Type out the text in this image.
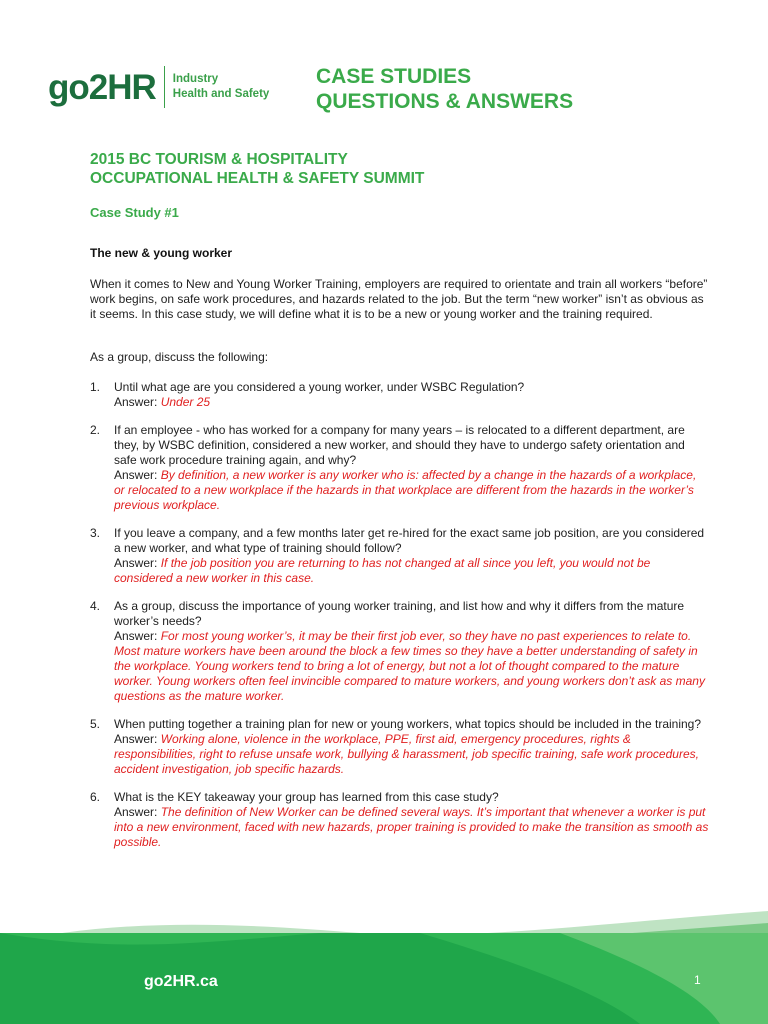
go2HR Industry
Health and Safety
CASE STUDIES
QUESTIONS & ANSWERS
2015 BC TOURISM & HOSPITALITY
OCCUPATIONAL HEALTH & SAFETY SUMMIT
Case Study #1
The new & young worker
When it comes to New and Young Worker Training, employers are required to orientate and train all workers “before” work begins, on safe work procedures, and hazards related to the job. But the term “new worker” isn’t as obvious as it seems. In this case study, we will define what it is to be a new or young worker and the training required.
As a group, discuss the following:
1.	Until what age are you considered a young worker, under WSBC Regulation?
Answer: Under 25
2.	If an employee - who has worked for a company for many years – is relocated to a different department, are they, by WSBC definition, considered a new worker, and should they have to undergo safety orientation and safe work procedure training again, and why?
Answer: By definition, a new worker is any worker who is: affected by a change in the hazards of a workplace, or relocated to a new workplace if the hazards in that workplace are different from the hazards in the worker’s previous workplace.
3.	If you leave a company, and a few months later get re-hired for the exact same job position, are you considered a new worker, and what type of training should follow?
Answer: If the job position you are returning to has not changed at all since you left, you would not be considered a new worker in this case.
4.	As a group, discuss the importance of young worker training, and list how and why it differs from the mature worker’s needs?
Answer: For most young worker’s, it may be their first job ever, so they have no past experiences to relate to. Most mature workers have been around the block a few times so they have a better understanding of safety in the workplace. Young workers tend to bring a lot of energy, but not a lot of thought compared to the mature worker. Young workers often feel invincible compared to mature workers, and young workers don’t ask as many questions as the mature worker.
5.	When putting together a training plan for new or young workers, what topics should be included in the training?
Answer: Working alone, violence in the workplace, PPE, first aid, emergency procedures, rights & responsibilities, right to refuse unsafe work, bullying & harassment, job specific training, safe work procedures, accident investigation, job specific hazards.
6.	What is the KEY takeaway your group has learned from this case study?
Answer: The definition of New Worker can be defined several ways. It’s important that whenever a worker is put into a new environment, faced with new hazards, proper training is provided to make the transition as smooth as possible.
go2HR.ca	1
